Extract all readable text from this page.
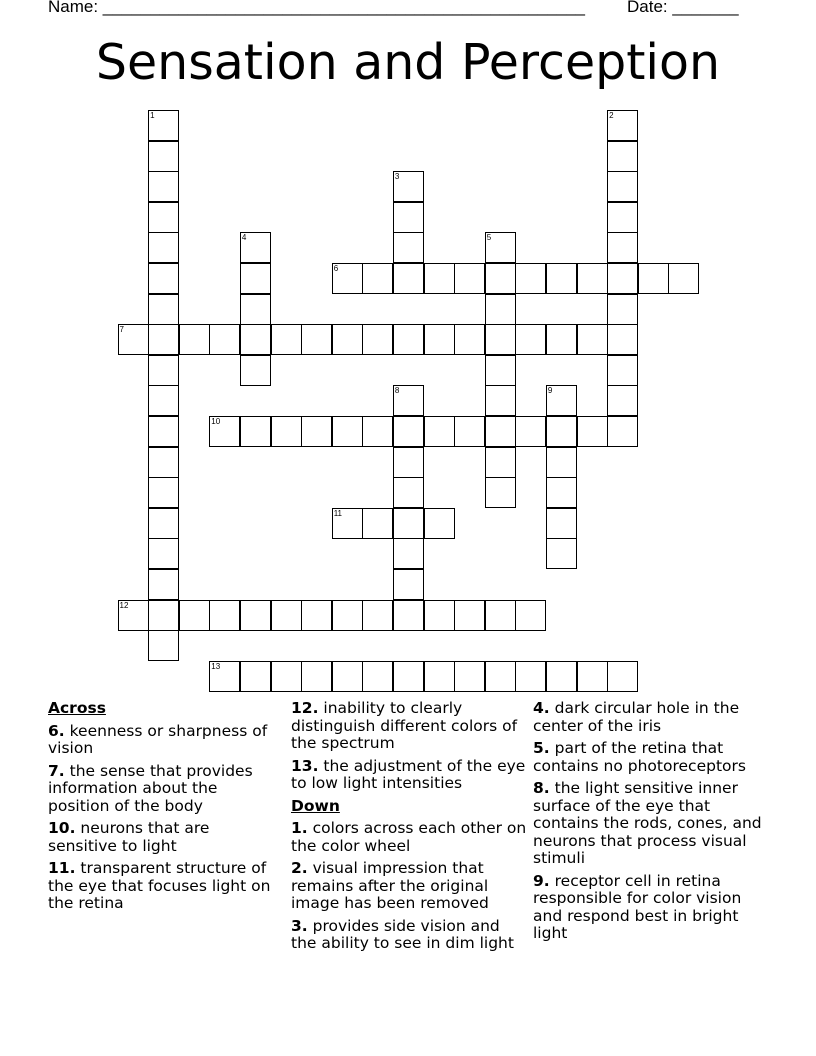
Name: ___________________________________________________ Date: _______
Sensation and Perception
1	2
3
4	5
6
7
8	9
10
11
12
13
Across
6. keenness or sharpness of vision
7. the sense that provides information about the position of the body
10. neurons that are sensitive to light
11. transparent structure of the eye that focuses light on the retina
12. inability to clearly distinguish different colors of the spectrum
13. the adjustment of the eye to low light intensities
Down
1. colors across each other on the color wheel
2. visual impression that remains after the original image has been removed
3. provides side vision and the ability to see in dim light
4. dark circular hole in the center of the iris
5. part of the retina that contains no photoreceptors
8. the light sensitive inner surface of the eye that contains the rods, cones, and neurons that process visual stimuli
9. receptor cell in retina responsible for color vision and respond best in bright light
